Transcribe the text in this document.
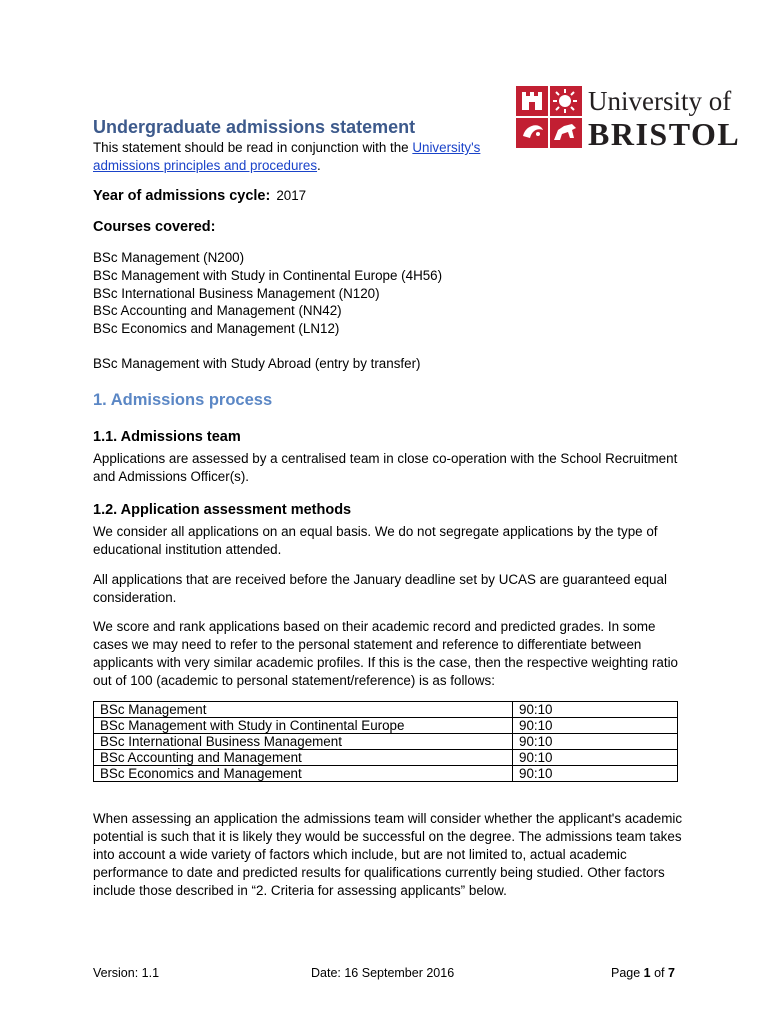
University of
BRISTOL
Undergraduate admissions statement

This statement should be read in conjunction with the University's admissions principles and procedures.

Year of admissions cycle: 2017

Courses covered:
BSc Management (N200)
BSc Management with Study in Continental Europe (4H56)
BSc International Business Management (N120)
BSc Accounting and Management (NN42)
BSc Economics and Management (LN12)

BSc Management with Study Abroad (entry by transfer)

1. Admissions process
1.1. Admissions team

Applications are assessed by a centralised team in close co-operation with the School Recruitment and Admissions Officer(s).

1.2. Application assessment methods

We consider all applications on an equal basis. We do not segregate applications by the type of educational institution attended.

All applications that are received before the January deadline set by UCAS are guaranteed equal consideration.

We score and rank applications based on their academic record and predicted grades. In some cases we may need to refer to the personal statement and reference to differentiate between applicants with very similar academic profiles. If this is the case, then the respective weighting ratio out of 100 (academic to personal statement/reference) is as follows:

BSc Management	90:10
BSc Management with Study in Continental Europe	90:10
BSc International Business Management	90:10
BSc Accounting and Management	90:10
BSc Economics and Management	90:10

When assessing an application the admissions team will consider whether the applicant's academic potential is such that it is likely they would be successful on the degree. The admissions team takes into account a wide variety of factors which include, but are not limited to, actual academic performance to date and predicted results for qualifications currently being studied. Other factors include those described in “2. Criteria for assessing applicants” below.

Version: 1.1	Date: 16 September 2016	Page 1 of 7
